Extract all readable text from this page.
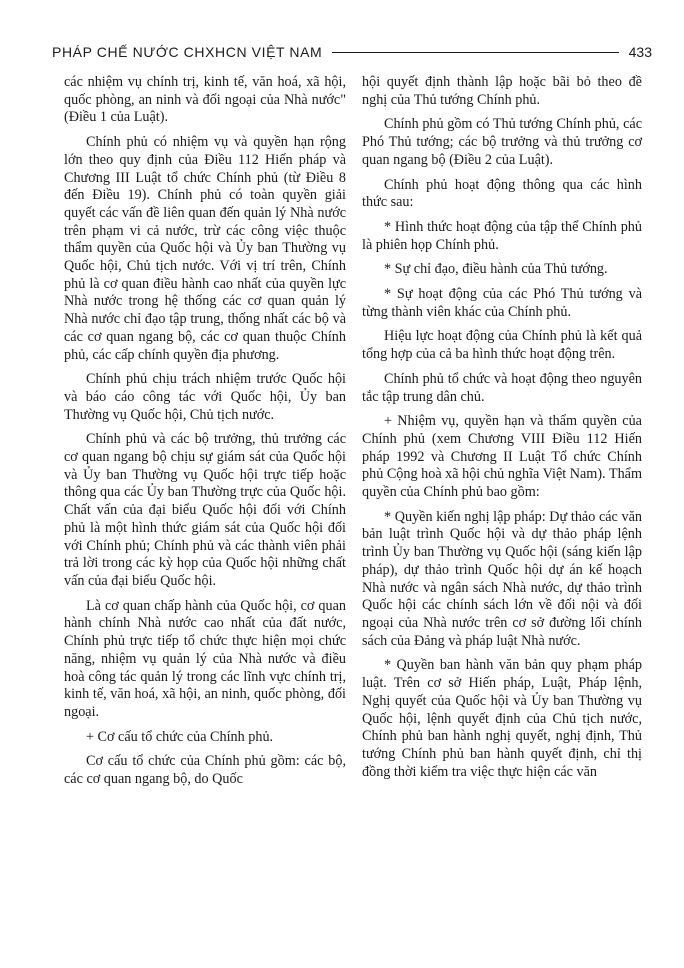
PHÁP CHẾ NƯỚC CHXHCN VIỆT NAM	433

các nhiệm vụ chính trị, kinh tế, văn hoá, xã hội, quốc phòng, an ninh và đối ngoại của Nhà nước" (Điều 1 của Luật).

Chính phủ có nhiệm vụ và quyền hạn rộng lớn theo quy định của Điều 112 Hiến pháp và Chương III Luật tổ chức Chính phủ (từ Điều 8 đến Điều 19). Chính phủ có toàn quyền giải quyết các vấn đề liên quan đến quản lý Nhà nước trên phạm vi cả nước, trừ các công việc thuộc thẩm quyền của Quốc hội và Ủy ban Thường vụ Quốc hội, Chủ tịch nước. Với vị trí trên, Chính phủ là cơ quan điều hành cao nhất của quyền lực Nhà nước trong hệ thống các cơ quan quản lý Nhà nước chỉ đạo tập trung, thống nhất các bộ và các cơ quan ngang bộ, các cơ quan thuộc Chính phủ, các cấp chính quyền địa phương.

Chính phủ chịu trách nhiệm trước Quốc hội và báo cáo công tác với Quốc hội, Ủy ban Thường vụ Quốc hội, Chủ tịch nước.

Chính phủ và các bộ trưởng, thủ trưởng các cơ quan ngang bộ chịu sự giám sát của Quốc hội và Ủy ban Thường vụ Quốc hội trực tiếp hoặc thông qua các Ủy ban Thường trực của Quốc hội. Chất vấn của đại biểu Quốc hội đối với Chính phủ là một hình thức giám sát của Quốc hội đối với Chính phủ; Chính phủ và các thành viên phải trả lời trong các kỳ họp của Quốc hội những chất vấn của đại biểu Quốc hội.

Là cơ quan chấp hành của Quốc hội, cơ quan hành chính Nhà nước cao nhất của đất nước, Chính phủ trực tiếp tổ chức thực hiện mọi chức năng, nhiệm vụ quản lý của Nhà nước và điều hoà công tác quản lý trong các lĩnh vực chính trị, kinh tế, văn hoá, xã hội, an ninh, quốc phòng, đối ngoại.

+ Cơ cấu tổ chức của Chính phủ.

Cơ cấu tổ chức của Chính phủ gồm: các bộ, các cơ quan ngang bộ, do Quốc

hội quyết định thành lập hoặc bãi bỏ theo đề nghị của Thủ tướng Chính phủ.

Chính phủ gồm có Thủ tướng Chính phủ, các Phó Thủ tướng; các bộ trưởng và thủ trưởng cơ quan ngang bộ (Điều 2 của Luật).

Chính phủ hoạt động thông qua các hình thức sau:

* Hình thức hoạt động của tập thể Chính phủ là phiên họp Chính phủ.

* Sự chỉ đạo, điều hành của Thủ tướng.

* Sự hoạt động của các Phó Thủ tướng và từng thành viên khác của Chính phủ.

Hiệu lực hoạt động của Chính phủ là kết quả tổng hợp của cả ba hình thức hoạt động trên.

Chính phủ tổ chức và hoạt động theo nguyên tắc tập trung dân chủ.

+ Nhiệm vụ, quyền hạn và thẩm quyền của Chính phủ (xem Chương VIII Điều 112 Hiến pháp 1992 và Chương II Luật Tổ chức Chính phủ Cộng hoà xã hội chủ nghĩa Việt Nam). Thẩm quyền của Chính phủ bao gồm:

* Quyền kiến nghị lập pháp: Dự thảo các văn bản luật trình Quốc hội và dự thảo pháp lệnh trình Ủy ban Thường vụ Quốc hội (sáng kiến lập pháp), dự thảo trình Quốc hội dự án kế hoạch Nhà nước và ngân sách Nhà nước, dự thảo trình Quốc hội các chính sách lớn về đối nội và đối ngoại của Nhà nước trên cơ sở đường lối chính sách của Đảng và pháp luật Nhà nước.

* Quyền ban hành văn bản quy phạm pháp luật. Trên cơ sở Hiến pháp, Luật, Pháp lệnh, Nghị quyết của Quốc hội và Ủy ban Thường vụ Quốc hội, lệnh quyết định của Chủ tịch nước, Chính phủ ban hành nghị quyết, nghị định, Thủ tướng Chính phủ ban hành quyết định, chỉ thị đồng thời kiểm tra việc thực hiện các văn
